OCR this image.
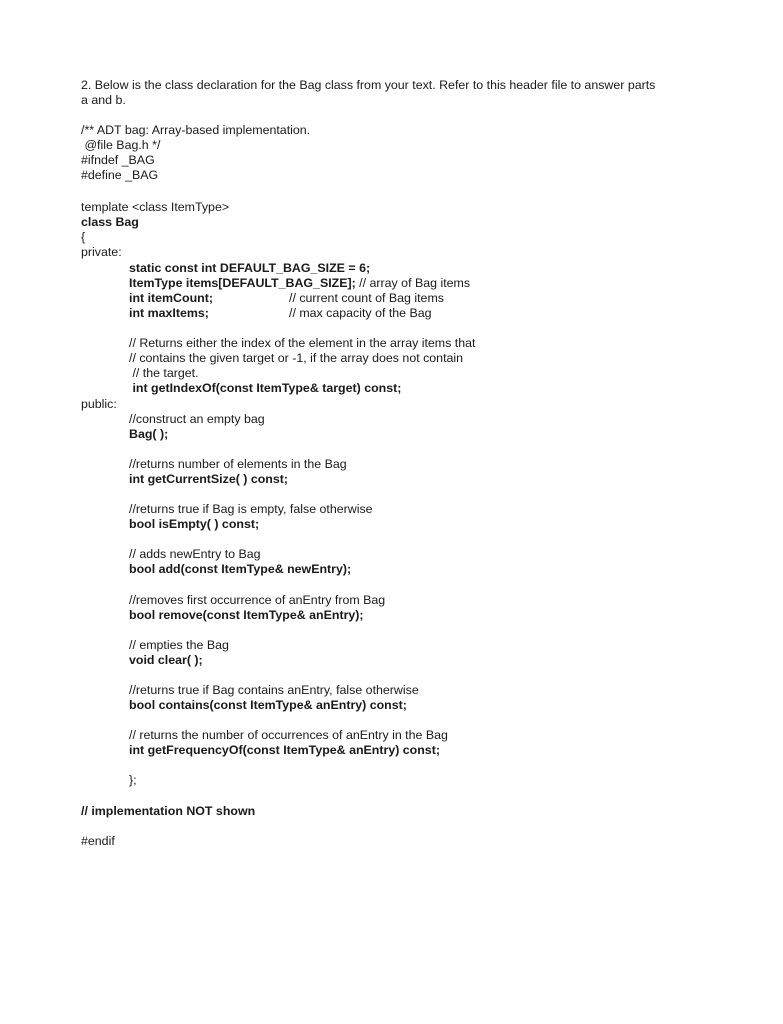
2. Below is the class declaration for the Bag class from your text. Refer to this header file to answer parts
a and b.
/** ADT bag: Array-based implementation.
@file Bag.h */
#ifndef _BAG
#define _BAG
template <class ItemType>
class Bag
{
private:
static const int DEFAULT_BAG_SIZE = 6;
ItemType items[DEFAULT_BAG_SIZE]; // array of Bag items
int itemCount;	// current count of Bag items
int maxItems;	// max capacity of the Bag
// Returns either the index of the element in the array items that
// contains the given target or -1, if the array does not contain
// the target.
int getIndexOf(const ItemType& target) const;
public:
//construct an empty bag
Bag( );
//returns number of elements in the Bag
int getCurrentSize( ) const;
//returns true if Bag is empty, false otherwise
bool isEmpty( ) const;
// adds newEntry to Bag
bool add(const ItemType& newEntry);
//removes first occurrence of anEntry from Bag
bool remove(const ItemType& anEntry);
// empties the Bag
void clear( );
//returns true if Bag contains anEntry, false otherwise
bool contains(const ItemType& anEntry) const;
// returns the number of occurrences of anEntry in the Bag
int getFrequencyOf(const ItemType& anEntry) const;
};
// implementation NOT shown
#endif
